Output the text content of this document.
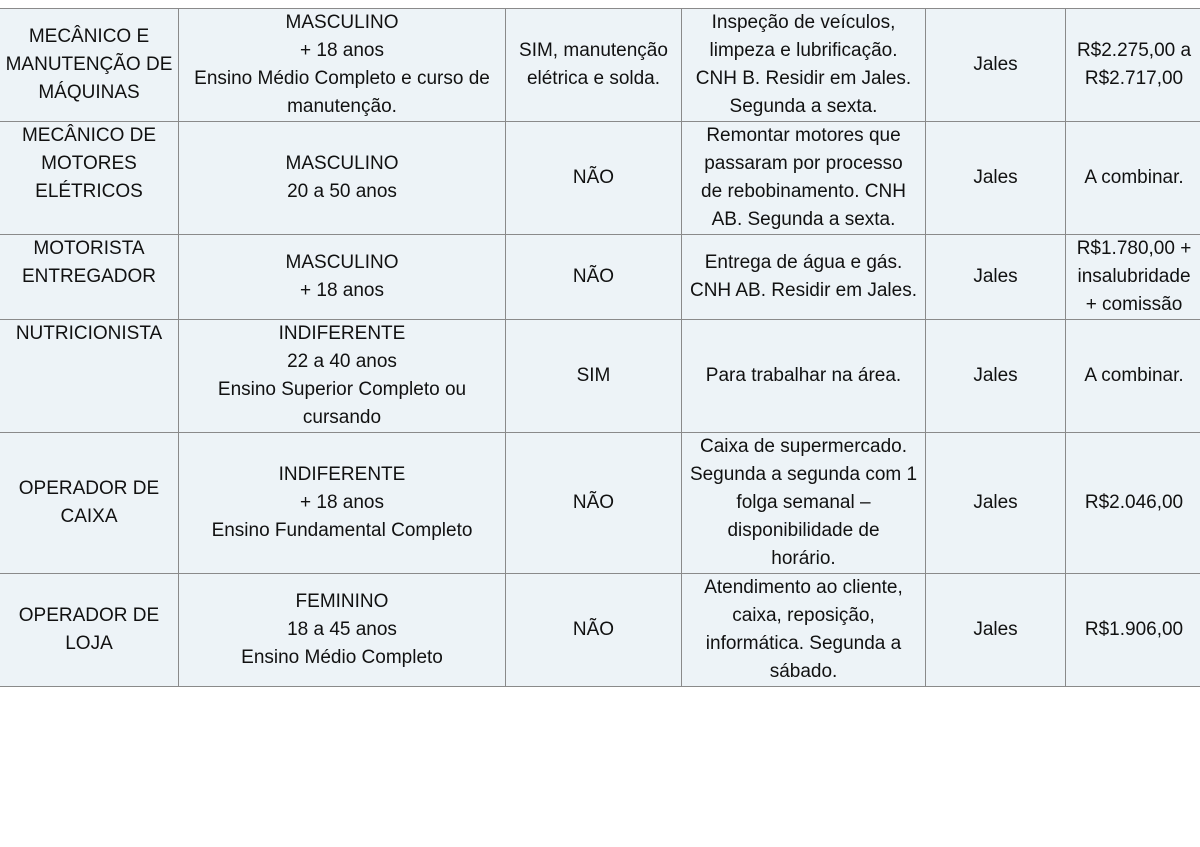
MECÂNICO E
MANUTENÇÃO DE
MÁQUINAS	MASCULINO
+ 18 anos
Ensino Médio Completo e curso de
manutenção.	SIM, manutenção
elétrica e solda.	Inspeção de veículos,
limpeza e lubrificação.
CNH B. Residir em Jales.
Segunda a sexta.	Jales	R$2.275,00 a
R$2.717,00
MECÂNICO DE
MOTORES
ELÉTRICOS	MASCULINO
20 a 50 anos	NÃO	Remontar motores que
passaram por processo
de rebobinamento. CNH
AB. Segunda a sexta.	Jales	A combinar.
MOTORISTA
ENTREGADOR	MASCULINO
+ 18 anos	NÃO	Entrega de água e gás.
CNH AB. Residir em Jales.	Jales	R$1.780,00 +
insalubridade
+ comissão
NUTRICIONISTA	INDIFERENTE
22 a 40 anos
Ensino Superior Completo ou
cursando	SIM	Para trabalhar na área.	Jales	A combinar.
OPERADOR DE
CAIXA	INDIFERENTE
+ 18 anos
Ensino Fundamental Completo	NÃO	Caixa de supermercado.
Segunda a segunda com 1
folga semanal –
disponibilidade de
horário.	Jales	R$2.046,00
OPERADOR DE
LOJA	FEMININO
18 a 45 anos
Ensino Médio Completo	NÃO	Atendimento ao cliente,
caixa, reposição,
informática. Segunda a
sábado.	Jales	R$1.906,00
